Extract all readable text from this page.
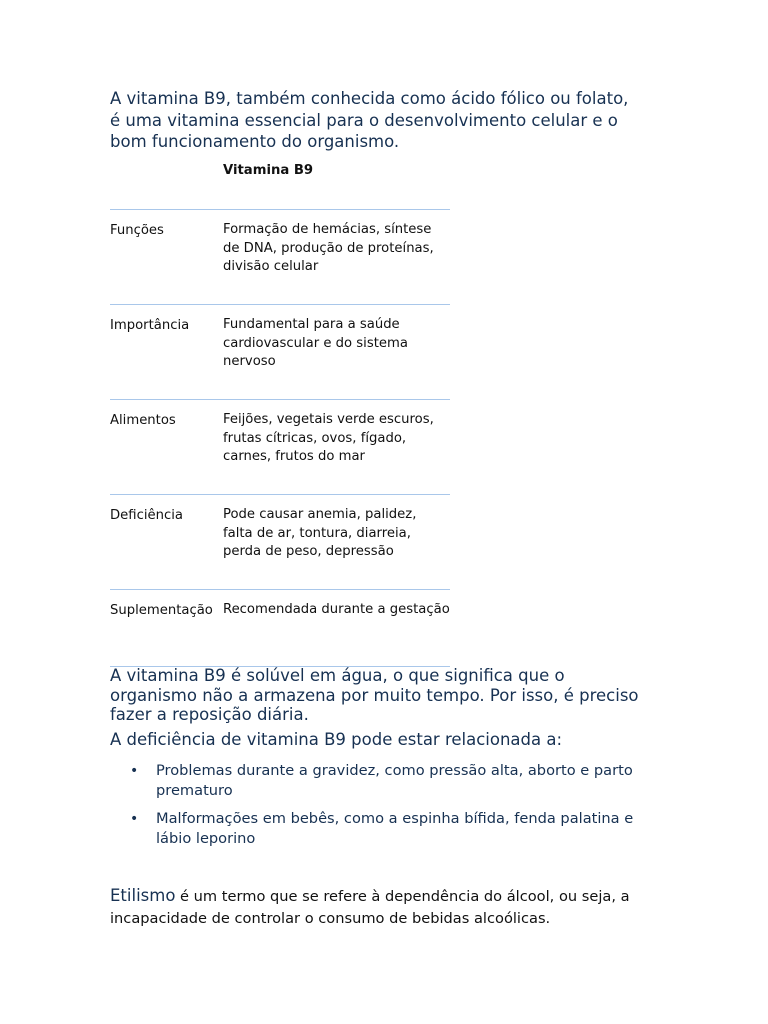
A vitamina B9, também conhecida como ácido fólico ou folato, é uma vitamina essencial para o desenvolvimento celular e o bom funcionamento do organismo.

Vitamina B9
Funções	Formação de hemácias, síntese de DNA, produção de proteínas, divisão celular
Importância	Fundamental para a saúde cardiovascular e do sistema nervoso
Alimentos	Feijões, vegetais verde escuros, frutas cítricas, ovos, fígado, carnes, frutos do mar
Deficiência	Pode causar anemia, palidez, falta de ar, tontura, diarreia, perda de peso, depressão
Suplementação Recomendada durante a gestação

A vitamina B9 é solúvel em água, o que significa que o organismo não a armazena por muito tempo. Por isso, é preciso fazer a reposição diária.

A deficiência de vitamina B9 pode estar relacionada a:

• Problemas durante a gravidez, como pressão alta, aborto e parto prematuro
• Malformações em bebês, como a espinha bífida, fenda palatina e lábio leporino

Etilismo é um termo que se refere à dependência do álcool, ou seja, a incapacidade de controlar o consumo de bebidas alcoólicas.
